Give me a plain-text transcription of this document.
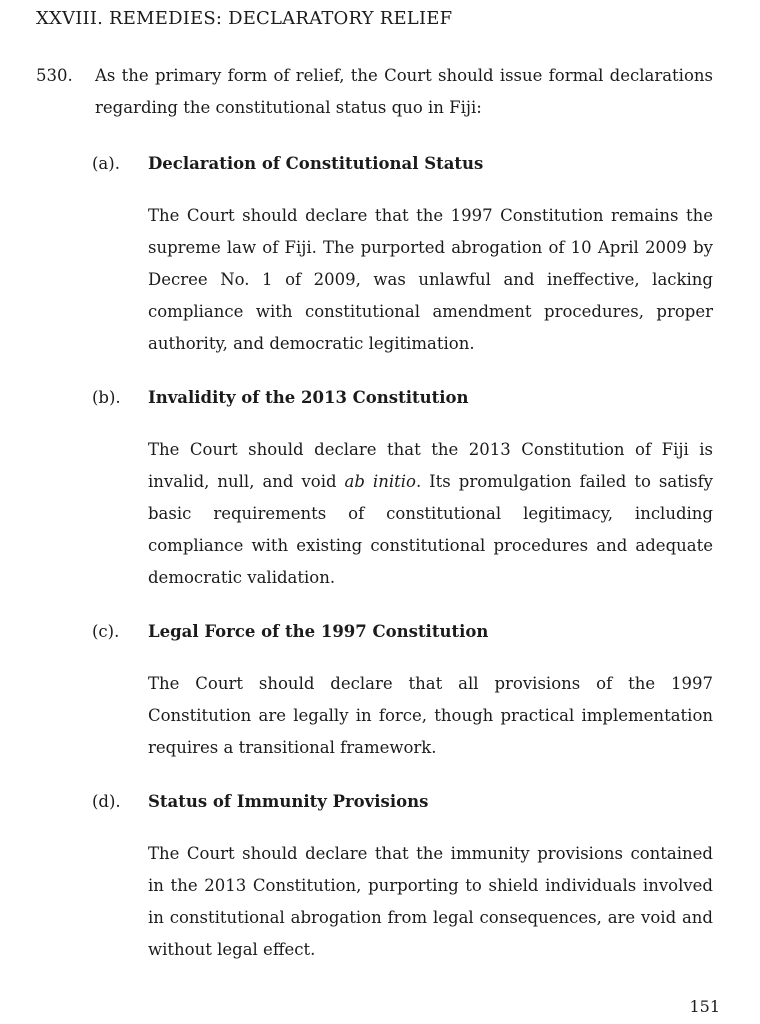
XXVIII. REMEDIES: DECLARATORY RELIEF
530.	As the primary form of relief, the Court should issue formal declarations regarding the constitutional status quo in Fiji:
(a).	Declaration of Constitutional Status
The Court should declare that the 1997 Constitution remains the supreme law of Fiji. The purported abrogation of 10 April 2009 by Decree No. 1 of 2009, was unlawful and ineffective, lacking compliance with constitutional amendment procedures, proper authority, and democratic legitimation.
(b).	Invalidity of the 2013 Constitution
The Court should declare that the 2013 Constitution of Fiji is invalid, null, and void ab initio. Its promulgation failed to satisfy basic requirements of constitutional legitimacy, including compliance with existing constitutional procedures and adequate democratic validation.
(c).	Legal Force of the 1997 Constitution
The Court should declare that all provisions of the 1997 Constitution are legally in force, though practical implementation requires a transitional framework.
(d).	Status of Immunity Provisions
The Court should declare that the immunity provisions contained in the 2013 Constitution, purporting to shield individuals involved in constitutional abrogation from legal consequences, are void and without legal effect.
151
